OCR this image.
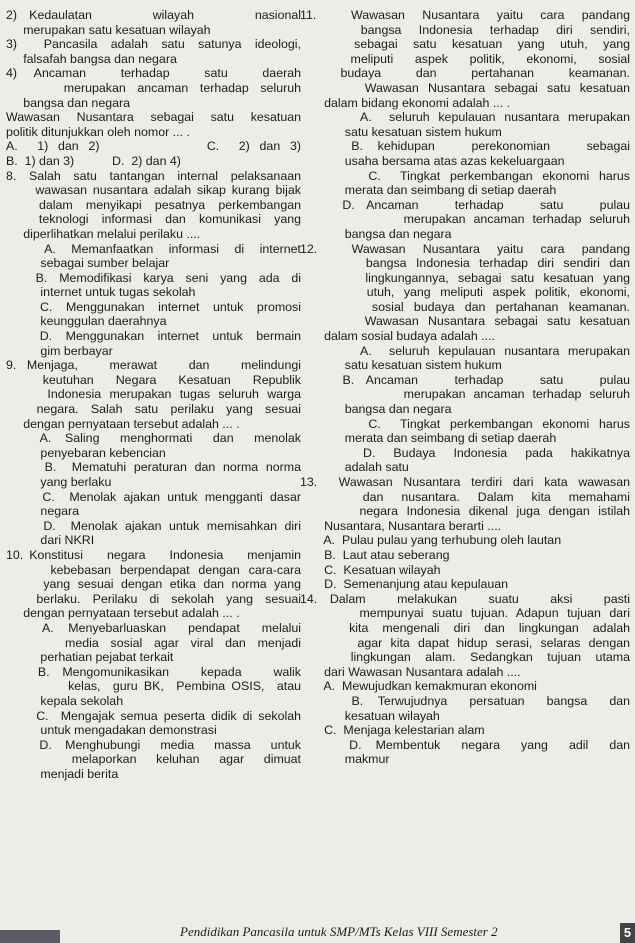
2)  Kedaulatan          wilayah          nasional
merupakan satu kesatuan wilayah
3)  Pancasila adalah satu satunya ideologi,
falsafah bangsa dan negara
4)  Ancaman    terhadap    satu    daerah
merupakan ancaman terhadap seluruh
bangsa dan negara
Wawasan Nusantara sebagai satu kesatuan
politik ditunjukkan oleh nomor ... .
A.  1) dan 2)           C.  2) dan 3)
B.  1) dan 3)           D.  2) dan 4)
8.  Salah  satu  tantangan  internal  pelaksanaan
wawasan nusantara adalah sikap kurang bijak
dalam  menyikapi  pesatnya  perkembangan
teknologi  informasi  dan  komunikasi  yang
diperlihatkan melalui perilaku ....
A.  Memanfaatkan  informasi  di  internet
sebagai sumber belajar
B.  Memodifikasi  karya  seni  yang  ada  di
internet untuk tugas sekolah
C.  Menggunakan  internet  untuk  promosi
keunggulan daerahnya
D.  Menggunakan  internet  untuk  bermain
gim berbayar
9.  Menjaga,      merawat      dan      melindungi
keutuhan   Negara   Kesatuan   Republik
Indonesia merupakan tugas seluruh warga
negara.  Salah  satu  perilaku  yang  sesuai
dengan pernyataan tersebut adalah ... .
A.  Saling   menghormati   dan   menolak
penyebaran kebencian
B.  Mematuhi peraturan dan norma norma
yang berlaku
C.  Menolak ajakan untuk mengganti dasar
negara
D.  Menolak ajakan untuk memisahkan diri
dari NKRI
10. Konstitusi    negara    Indonesia    menjamin
kebebasan berpendapat dengan cara-cara
yang sesuai dengan etika dan norma yang
berlaku.  Perilaku  di  sekolah  yang  sesuai
dengan pernyataan tersebut adalah ... .
A.  Menyebarluaskan   pendapat   melalui
media  sosial  agar  viral  dan  menjadi
perhatian pejabat terkait
B.  Mengomunikasikan     kepada     walik
kelas,  guru BK,  Pembina OSIS,  atau
kepala sekolah
C.  Mengajak semua peserta didik di sekolah
untuk mengadakan demonstrasi
D.  Menghubungi   media   massa   untuk
melaporkan   keluhan   agar   dimuat
menjadi berita
11.  Wawasan Nusantara yaitu cara pandang
bangsa  Indonesia  terhadap  diri  sendiri,
sebagai  satu  kesatuan  yang  utuh,  yang
meliputi   aspek   politik,   ekonomi,   sosial
budaya      dan      pertahanan      keamanan.
Wawasan Nusantara sebagai satu kesatuan
dalam bidang ekonomi adalah ... .
A.  seluruh kepulauan nusantara merupakan
satu kesatuan sistem hukum
B.  kehidupan     perekonomian     sebagai
usaha bersama atas azas kekeluargaan
C.  Tingkat perkembangan ekonomi harus
merata dan seimbang di setiap daerah
D.  Ancaman      terhadap      satu      pulau
merupakan ancaman terhadap seluruh
bangsa dan negara
12.  Wawasan Nusantara yaitu cara pandang
bangsa Indonesia terhadap diri sendiri dan
lingkungannya, sebagai satu kesatuan yang
utuh, yang meliputi aspek politik, ekonomi,
sosial budaya dan pertahanan keamanan.
Wawasan Nusantara sebagai satu kesatuan
dalam sosial budaya adalah ....
A.  seluruh kepulauan nusantara merupakan
satu kesatuan sistem hukum
B.  Ancaman      terhadap      satu      pulau
merupakan ancaman terhadap seluruh
bangsa dan negara
C.  Tingkat perkembangan ekonomi harus
merata dan seimbang di setiap daerah
D.  Budaya  Indonesia  pada  hakikatnya
adalah satu
13.  Wawasan Nusantara terdiri dari kata wawasan
dan  nusantara.  Dalam  kita  memahami
negara Indonesia dikenal juga dengan istilah
Nusantara, Nusantara berarti ....
A.  Pulau pulau yang terhubung oleh lautan
B.  Laut atau seberang
C.  Kesatuan wilayah
D.  Semenanjung atau kepulauan
14.  Dalam     melakukan     suatu     aksi     pasti
mempunyai suatu tujuan. Adapun tujuan dari
kita  mengenali  diri  dan  lingkungan  adalah
agar kita dapat hidup serasi, selaras dengan
lingkungan  alam.  Sedangkan  tujuan  utama
dari Wawasan Nusantara adalah ....
A.  Mewujudkan kemakmuran ekonomi
B.  Terwujudnya   persatuan   bangsa   dan
kesatuan wilayah
C.  Menjaga kelestarian alam
D.  Membentuk   negara   yang   adil   dan
makmur
Pendidikan Pancasila untuk SMP/MTs Kelas VIII Semester 2	5
